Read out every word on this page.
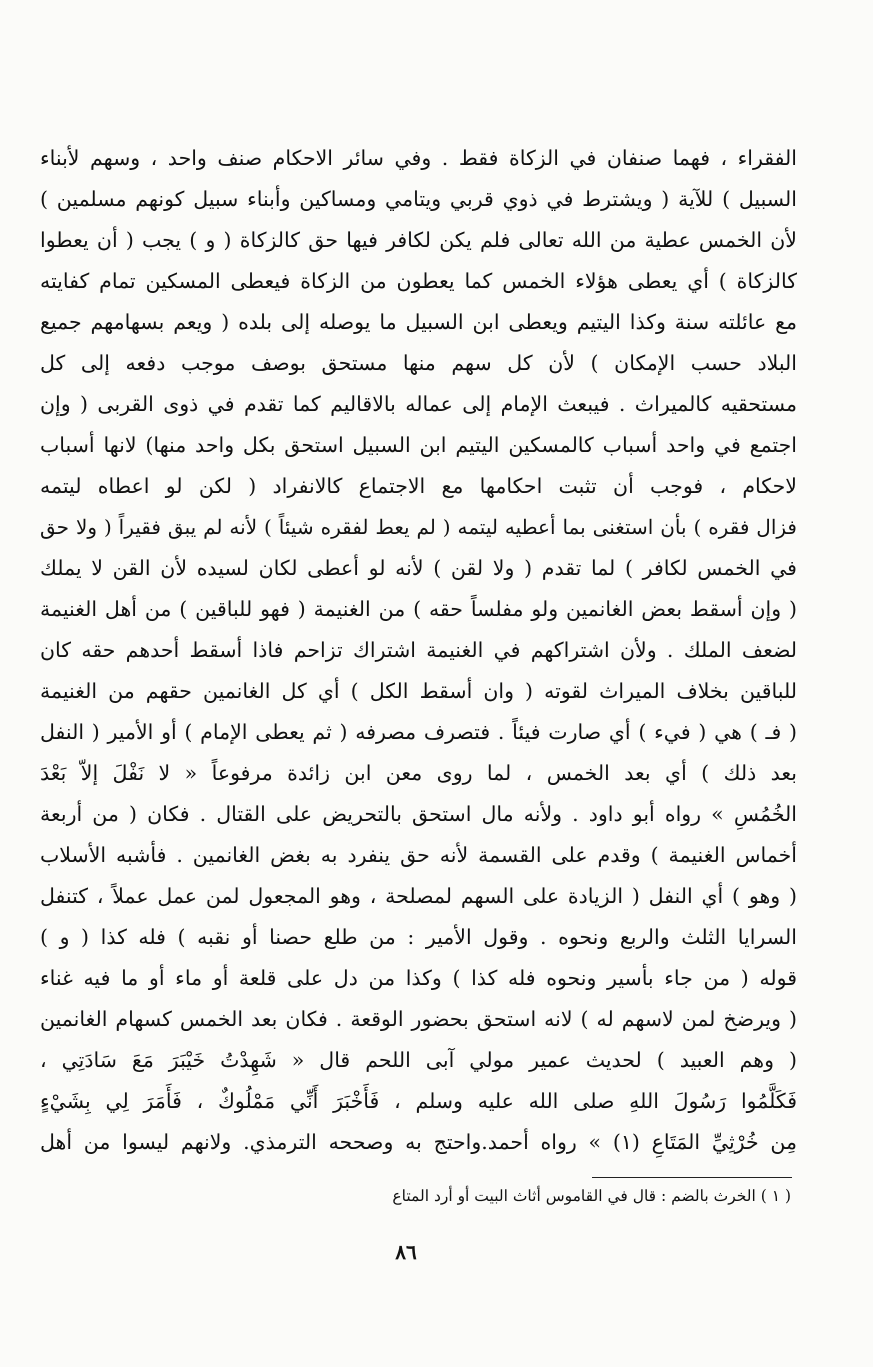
الفقراء ، فهما صنفان في الزكاة فقط . وفي سائر الاحكام صنف واحد ، وسهم لأبناء
السبيل ) للآية ( ويشترط في ذوي قربي ويتامي ومساكين وأبناء سبيل كونهم مسلمين )
لأن الخمس عطية من الله تعالى فلم يكن لكافر فيها حق كالزكاة ( و ) يجب ( أن يعطوا
كالزكاة ) أي يعطى هؤلاء الخمس كما يعطون من الزكاة فيعطى المسكين تمام كفايته
مع عائلته سنة وكذا اليتيم ويعطى ابن السبيل ما يوصله إلى بلده ( ويعم بسهامهم جميع
البلاد حسب الإمكان ) لأن كل سهم منها مستحق بوصف موجب دفعه إلى كل
مستحقيه كالميراث . فيبعث الإمام إلى عماله بالاقاليم كما تقدم في ذوى القربى ( وإن
اجتمع في واحد أسباب كالمسكين اليتيم ابن السبيل استحق بكل واحد منها) لانها أسباب
لاحكام ، فوجب أن تثبت احكامها مع الاجتماع كالانفراد ( لكن لو اعطاه ليتمه
فزال فقره ) بأن استغنى بما أعطيه ليتمه ( لم يعط لفقره شيئاً ) لأنه لم يبق فقيراً ( ولا حق
في الخمس لكافر ) لما تقدم ( ولا لقن ) لأنه لو أعطى لكان لسيده لأن القن لا يملك
( وإن أسقط بعض الغانمين ولو مفلساً حقه ) من الغنيمة ( فهو للباقين ) من أهل الغنيمة
لضعف الملك . ولأن اشتراكهم في الغنيمة اشتراك تزاحم فاذا أسقط أحدهم حقه كان
للباقين بخلاف الميراث لقوته ( وان أسقط الكل ) أي كل الغانمين حقهم من الغنيمة
( فـ ) هي ( فيء ) أي صارت فيئاً . فتصرف مصرفه ( ثم يعطى الإمام ) أو الأمير ( النفل
بعد ذلك ) أي بعد الخمس ، لما روى معن ابن زائدة مرفوعاً « لا نَفْلَ إلاّ بَعْدَ
الخُمُسِ » رواه أبو داود . ولأنه مال استحق بالتحريض على القتال . فكان ( من أربعة
أخماس الغنيمة ) وقدم على القسمة لأنه حق ينفرد به بغض الغانمين . فأشبه الأسلاب
( وهو ) أي النفل ( الزيادة على السهم لمصلحة ، وهو المجعول لمن عمل عملاً ، كتنفل
السرايا الثلث والربع ونحوه . وقول الأمير : من طلع حصنا أو نقبه ) فله كذا ( و )
قوله ( من جاء بأسير ونحوه فله كذا ) وكذا من دل على قلعة أو ماء أو ما فيه غناء
( ويرضخ لمن لاسهم له ) لانه استحق بحضور الوقعة . فكان بعد الخمس كسهام الغانمين
( وهم العبيد ) لحديث عمير مولي آبى اللحم قال « شَهِدْتُ خَيْبَرَ مَعَ سَادَتِي ،
فَكَلَّمُوا رَسُولَ اللهِ صلى الله عليه وسلم ، فَأَخْبَرَ أَنِّي مَمْلُوكٌ ، فَأَمَرَ لِي بِشَيْءٍ
مِن خُرْثِيِّ المَتَاعِ (١) » رواه أحمد.واحتج به وصححه الترمذي. ولانهم ليسوا من أهل
( ١ ) الخرث بالضم : قال في القاموس أثاث البيت أو أرد المتاع
٨٦
